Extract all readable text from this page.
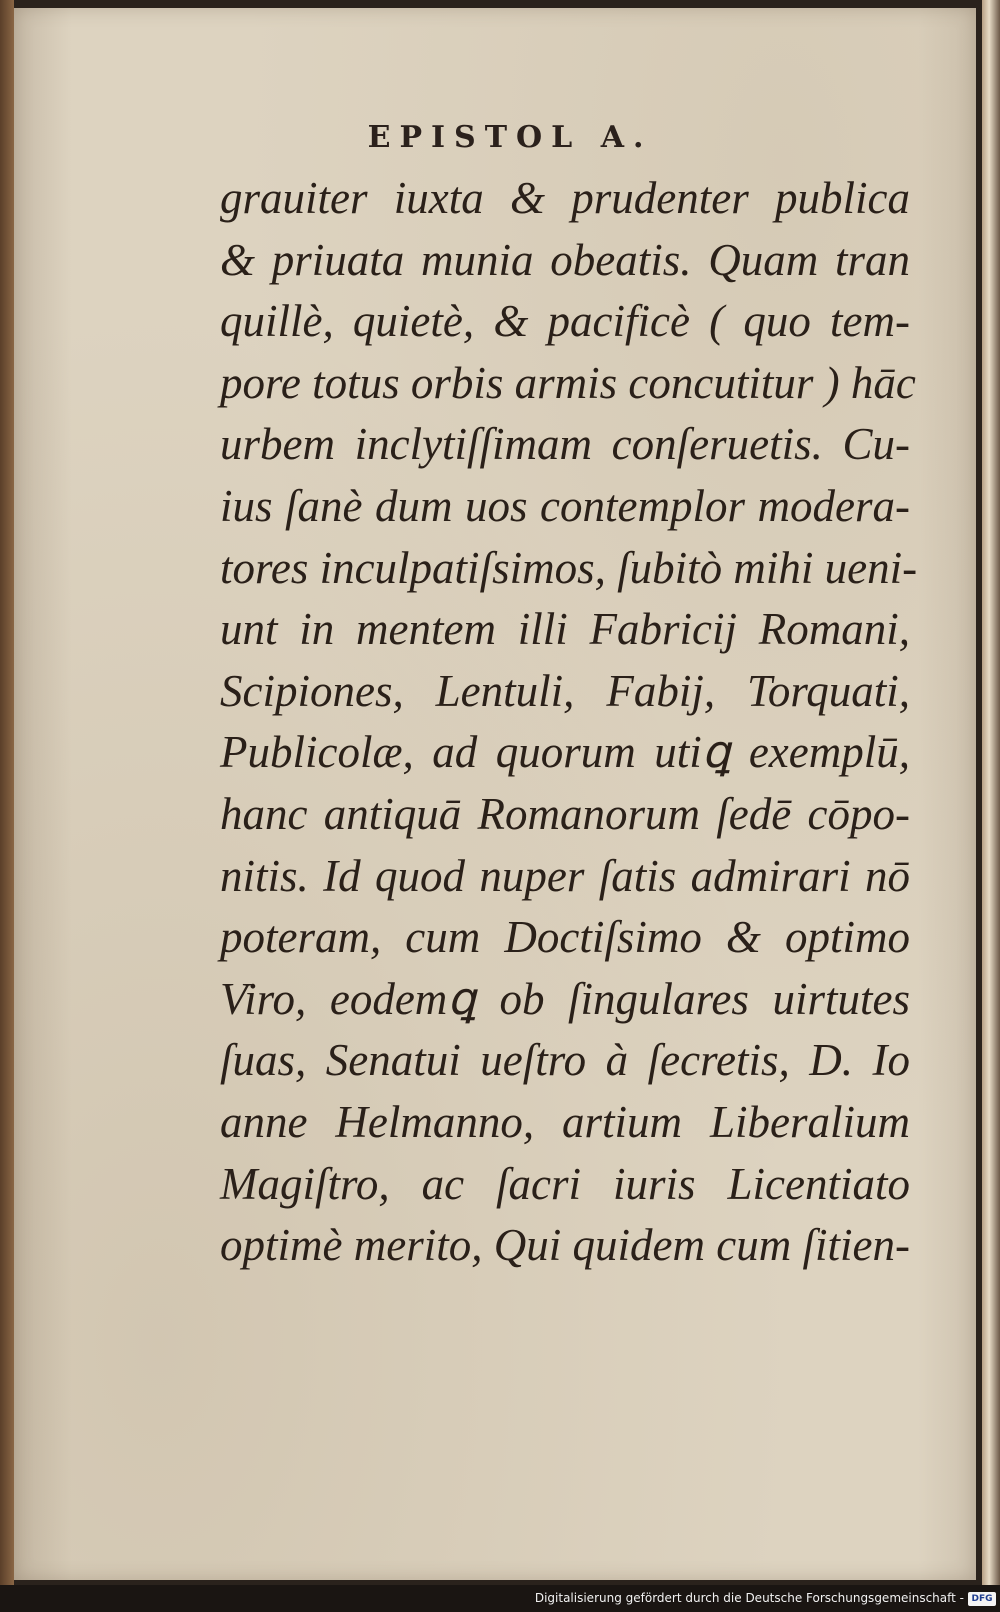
EPISTOL A.
grauiter iuxta & prudenter publica
& priuata munia obeatis. Quam tran
quillè, quietè, & pacificè ( quo tem-
pore totus orbis armis concutitur ) hāc
urbem inclytiſſimam conſeruetis. Cu-
ius ſanè dum uos contemplor modera-
tores inculpatiſsimos, ſubitò mihi ueni-
unt in mentem illi Fabricij Romani,
Scipiones, Lentuli, Fabij, Torquati,
Publicolæ, ad quorum utiꝗ exemplū,
hanc antiquā Romanorum ſedē cōpo-
nitis. Id quod nuper ſatis admirari nō
poteram, cum Doctiſsimo & optimo
Viro, eodemꝗ ob ſingulares uirtutes
ſuas, Senatui ueſtro à ſecretis, D. Io
anne Helmanno, artium Liberalium
Magiſtro, ac ſacri iuris Licentiato
optimè merito, Qui quidem cum ſitien-
Digitalisierung gefördert durch die Deutsche Forschungsgemeinschaft - DFG
